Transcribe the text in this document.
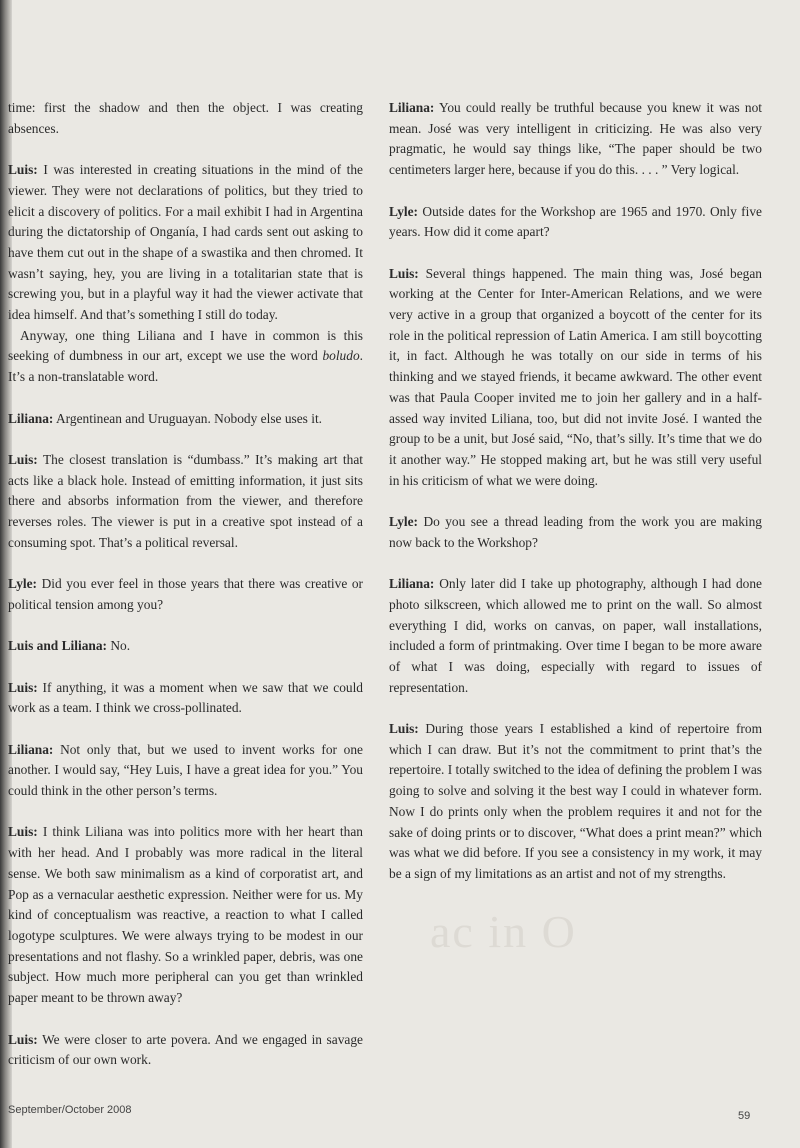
ac in O

time: first the shadow and then the object. I was creating absences.

Luis: I was interested in creating situations in the mind of the viewer. They were not declarations of politics, but they tried to elicit a discovery of politics. For a mail exhibit I had in Argentina during the dictatorship of Onganía, I had cards sent out asking to have them cut out in the shape of a swastika and then chromed. It wasn’t saying, hey, you are living in a totalitarian state that is screwing you, but in a playful way it had the viewer activate that idea himself. And that’s something I still do today.

Anyway, one thing Liliana and I have in common is this seeking of dumbness in our art, except we use the word boludo. It’s a non-translatable word.

Liliana: Argentinean and Uruguayan. Nobody else uses it.

Luis: The closest translation is “dumbass.” It’s making art that acts like a black hole. Instead of emitting information, it just sits there and absorbs information from the viewer, and therefore reverses roles. The viewer is put in a creative spot instead of a consuming spot. That’s a political reversal.

Lyle: Did you ever feel in those years that there was creative or political tension among you?

Luis and Liliana: No.

Luis: If anything, it was a moment when we saw that we could work as a team. I think we cross-pollinated.

Liliana: Not only that, but we used to invent works for one another. I would say, “Hey Luis, I have a great idea for you.” You could think in the other person’s terms.

Luis: I think Liliana was into politics more with her heart than with her head. And I probably was more radical in the literal sense. We both saw minimalism as a kind of corporatist art, and Pop as a vernacular aesthetic expression. Neither were for us. My kind of conceptualism was reactive, a reaction to what I called logotype sculptures. We were always trying to be modest in our presentations and not flashy. So a wrinkled paper, debris, was one subject. How much more peripheral can you get than wrinkled paper meant to be thrown away?

Luis: We were closer to arte povera. And we engaged in savage criticism of our own work.

Liliana: You could really be truthful because you knew it was not mean. José was very intelligent in criticizing. He was also very pragmatic, he would say things like, “The paper should be two centimeters larger here, because if you do this. . . . ” Very logical.

Lyle: Outside dates for the Workshop are 1965 and 1970. Only five years. How did it come apart?

Luis: Several things happened. The main thing was, José began working at the Center for Inter-American Relations, and we were very active in a group that organized a boycott of the center for its role in the political repression of Latin America. I am still boycotting it, in fact. Although he was totally on our side in terms of his thinking and we stayed friends, it became awkward. The other event was that Paula Cooper invited me to join her gallery and in a half-assed way invited Liliana, too, but did not invite José. I wanted the group to be a unit, but José said, “No, that’s silly. It’s time that we do it another way.” He stopped making art, but he was still very useful in his criticism of what we were doing.

Lyle: Do you see a thread leading from the work you are making now back to the Workshop?

Liliana: Only later did I take up photography, although I had done photo silkscreen, which allowed me to print on the wall. So almost everything I did, works on canvas, on paper, wall installations, included a form of printmaking. Over time I began to be more aware of what I was doing, especially with regard to issues of representation.

Luis: During those years I established a kind of repertoire from which I can draw. But it’s not the commitment to print that’s the repertoire. I totally switched to the idea of defining the problem I was going to solve and solving it the best way I could in whatever form. Now I do prints only when the problem requires it and not for the sake of doing prints or to discover, “What does a print mean?” which was what we did before. If you see a consistency in my work, it may be a sign of my limitations as an artist and not of my strengths.

September/October 2008	59
